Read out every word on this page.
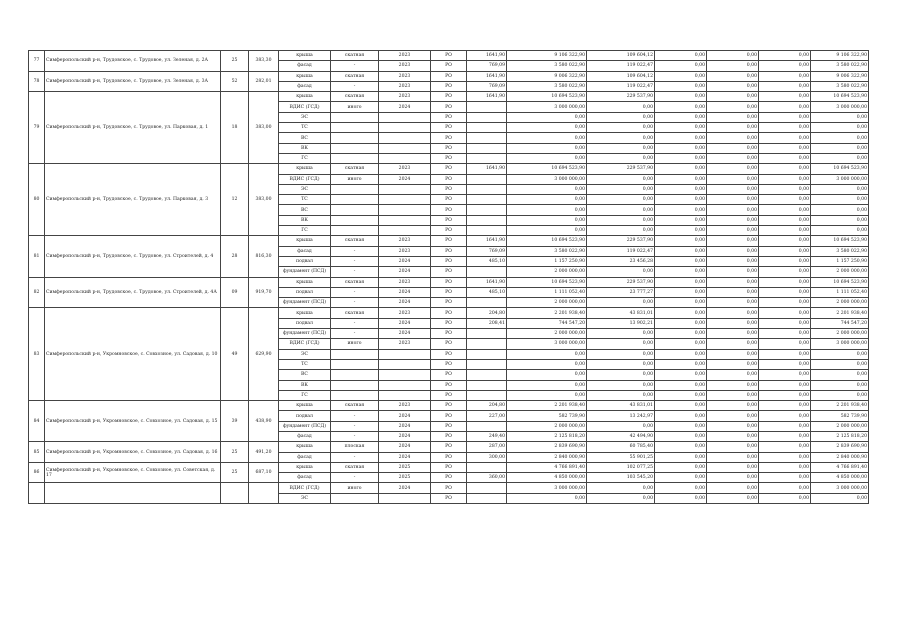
77	Симферопольский р-н, Трудовское, с. Трудовое, ул. Зеленая, д. 2А	25	383,30	крыша	скатная	2023	РО	1641,90	9 106 322,90	109 604,12	0,00	0,00	0,00	9 106 322,90
				фасад	-	2023	РО	769,09	3 580 022,90	119 022,47	0,00	0,00	0,00	3 580 022,90
78	Симферопольский р-н, Трудовское, с. Трудовое, ул. Зеленая, д. 3А	52	282,01	крыша	скатная	2023	РО	1641,90	9 006 322,90	109 604,12	0,00	0,00	0,00	9 006 322,90
				фасад	-	2023	РО	769,09	3 580 022,90	119 022,47	0,00	0,00	0,00	3 580 022,90
79	Симферопольский р-н, Трудовское, с. Трудовое, ул. Парковая, д. 1	18	383,00	крыша	скатная	2023	РО	1641,90	10 694 523,90	229 537,90	0,00	0,00	0,00	10 694 523,90
				ВДИС (ГСД)	иного	2024	РО		3 000 000,00	0,00	0,00	0,00	0,00	3 000 000,00
				ЭС			РО		0,00	0,00	0,00	0,00	0,00	0,00
				ТС			РО		0,00	0,00	0,00	0,00	0,00	0,00
				ВС			РО		0,00	0,00	0,00	0,00	0,00	0,00
				ВК			РО		0,00	0,00	0,00	0,00	0,00	0,00
				ГС			РО		0,00	0,00	0,00	0,00	0,00	0,00
80	Симферопольский р-н, Трудовское, с. Трудовое, ул. Парковая, д. 3	12	383,00	крыша	скатная	2023	РО	1641,90	10 694 523,90	229 537,90	0,00	0,00	0,00	10 694 523,90
				ВДИС (ГСД)	иного	2024	РО		3 000 000,00	0,00	0,00	0,00	0,00	3 000 000,00
				ЭС			РО		0,00	0,00	0,00	0,00	0,00	0,00
				ТС			РО		0,00	0,00	0,00	0,00	0,00	0,00
				ВС			РО		0,00	0,00	0,00	0,00	0,00	0,00
				ВК			РО		0,00	0,00	0,00	0,00	0,00	0,00
				ГС			РО		0,00	0,00	0,00	0,00	0,00	0,00
81	Симферопольский р-н, Трудовское, с. Трудовое, ул. Строителей, д. 4	28	816,30	крыша	скатная	2023	РО	1641,90	10 694 523,90	229 537,90	0,00	0,00	0,00	10 694 523,90
				фасад	-	2023	РО	769,09	3 580 022,90	119 022,47	0,00	0,00	0,00	3 580 022,90
				подвал	-	2024	РО	485,10	1 157 250,90	23 456,28	0,00	0,00	0,00	1 157 250,90
				фундамент (ПСД)	-	2024	РО		2 000 000,00	0,00	0,00	0,00	0,00	2 000 000,00
82	Симферопольский р-н, Трудовское, с. Трудовое, ул. Строителей, д. 4А	09	919,70	крыша	скатная	2023	РО	1641,90	10 694 523,90	229 537,90	0,00	0,00	0,00	10 694 523,90
				подвал	-	2024	РО	485,10	1 111 052,40	23 777,27	0,00	0,00	0,00	1 111 052,40
				фундамент (ПСД)	-	2024	РО		2 000 000,00	0,00	0,00	0,00	0,00	2 000 000,00
83	Симферопольский р-н, Укромновское, с. Совхозное, ул. Садовая, д. 10	49	629,90	крыша	скатная	2023	РО	204,80	2 201 938,40	43 831,01	0,00	0,00	0,00	2 201 938,40
				подвал	-	2024	РО	208,41	744 547,20	13 902,21	0,00	0,00	0,00	744 547,20
				фундамент (ПСД)	-	2024	РО		2 000 000,00	0,00	0,00	0,00	0,00	2 000 000,00
				ВДИС (ГСД)	иного	2023	РО		3 000 000,00	0,00	0,00	0,00	0,00	3 000 000,00
				ЭС			РО		0,00	0,00	0,00	0,00	0,00	0,00
				ТС			РО		0,00	0,00	0,00	0,00	0,00	0,00
				ВС			РО		0,00	0,00	0,00	0,00	0,00	0,00
				ВК			РО		0,00	0,00	0,00	0,00	0,00	0,00
				ГС			РО		0,00	0,00	0,00	0,00	0,00	0,00
84	Симферопольский р-н, Укромновское, с. Совхозное, ул. Садовая, д. 15	39	438,90	крыша	скатная	2023	РО	204,80	2 201 938,40	43 831,01	0,00	0,00	0,00	2 201 938,40
				подвал	-	2024	РО	227,00	582 739,90	13 242,97	0,00	0,00	0,00	582 739,90
				фундамент (ПСД)	-	2024	РО		2 000 000,00	0,00	0,00	0,00	0,00	2 000 000,00
				фасад	-	2024	РО	249,40	2 125 818,20	42 494,90	0,00	0,00	0,00	2 125 818,20
85	Симферопольский р-н, Укромновское, с. Совхозное, ул. Садовая, д. 16	25	491,20	крыша	плоская	2024	РО	287,00	2 839 690,90	60 785,40	0,00	0,00	0,00	2 839 690,90
				фасад	-	2024	РО	300,00	2 840 000,90	55 901,25	0,00	0,00	0,00	2 840 000,90
86	Симферопольский р-н, Укромновское, с. Совхозное, ул. Советская, д. 17	25	687,10	крыша	скатная	2025	РО		4 766 891,40	102 077,25	0,00	0,00	0,00	4 766 891,40
				фасад	-	2025	РО	360,00	4 850 000,00	103 545,20	0,00	0,00	0,00	4 850 000,00
				ВДИС (ГСД)	иного	2024	РО		3 000 000,00	0,00	0,00	0,00	0,00	3 000 000,00
				ЭС			РО		0,00	0,00	0,00	0,00	0,00	0,00
